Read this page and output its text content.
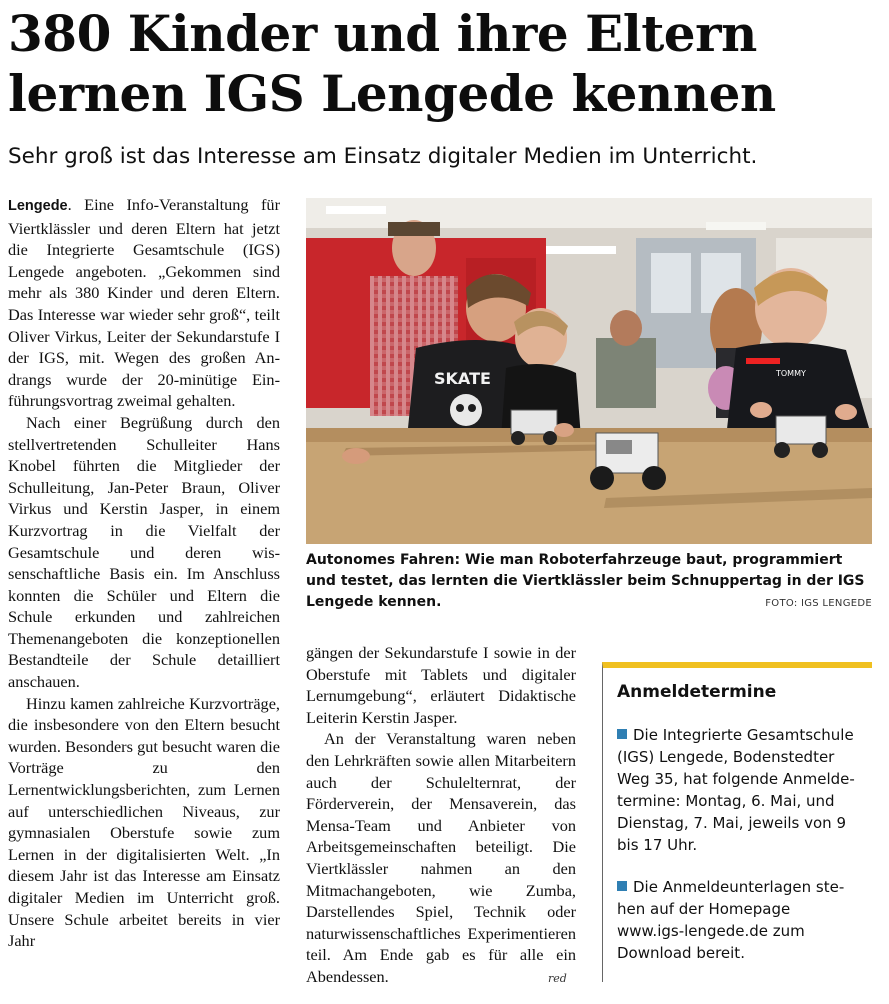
380 Kinder und ihre Eltern lernen IGS Lengede kennen

Sehr groß ist das Interesse am Einsatz digitaler Medien im Unterricht.

Lengede. Eine Info-Veranstaltung für Viertklässler und deren Eltern hat jetzt die Integrierte Gesamtschule (IGS) Lengede angeboten. „Gekommen sind mehr als 380 Kinder und deren Eltern. Das Interesse war wieder sehr groß“, teilt Oliver Virkus, Leiter der Sekundarstufe I der IGS, mit. Wegen des großen Andrangs wurde der 20-minütige Einführungsvortrag zweimal gehalten.

Nach einer Begrüßung durch den stellvertretenden Schulleiter Hans Knobel führten die Mitglieder der Schulleitung, Jan-Peter Braun, Oliver Virkus und Kerstin Jasper, in einem Kurzvortrag in die Vielfalt der Gesamtschule und deren wissenschaftliche Basis ein. Im Anschluss konnten die Schüler und Eltern die Schule erkunden und zahlreichen Themenangeboten die konzeptionellen Bestandteile der Schule detailliert anschauen.

Hinzu kamen zahlreiche Kurzvorträge, die insbesondere von den Eltern besucht wurden. Besonders gut besucht waren die Vorträge zu den Lernentwicklungsberichten, zum Lernen auf unterschiedlichen Niveaus, zur gymnasialen Oberstufe sowie zum Lernen in der digitalisierten Welt. „In diesem Jahr ist das Interesse am Einsatz digitaler Medien im Unterricht groß. Unsere Schule arbeitet bereits in vier Jahr

SKATE	TOMMY

Autonomes Fahren: Wie man Roboterfahrzeuge baut, programmiert und testet, das lernten die Viertklässler beim Schnuppertag in der IGS Lengede kennen.	FOTO: IGS LENGEDE

gängen der Sekundarstufe I sowie in der Oberstufe mit Tablets und digitaler Lernumgebung“, erläutert Didaktische Leiterin Kerstin Jasper.

An der Veranstaltung waren neben den Lehrkräften sowie allen Mitarbeitern auch der Schulelternrat, der Förderverein, der Mensaverein, das Mensa-Team und Anbieter von Arbeitsgemeinschaften beteiligt. Die Viertklässler nahmen an den Mitmachangeboten, wie Zumba, Darstellendes Spiel, Technik oder naturwissenschaftliches Experimentieren teil. Am Ende gab es für alle ein Abendessen.	red
Anmeldetermine

Die Integrierte Gesamtschule (IGS) Lengede, Bodenstedter Weg 35, hat folgende Anmeldetermine: Montag, 6. Mai, und Dienstag, 7. Mai, jeweils von 9 bis 17 Uhr.

Die Anmeldeunterlagen stehen auf der Homepage www.igs-lengede.de zum Download bereit.
